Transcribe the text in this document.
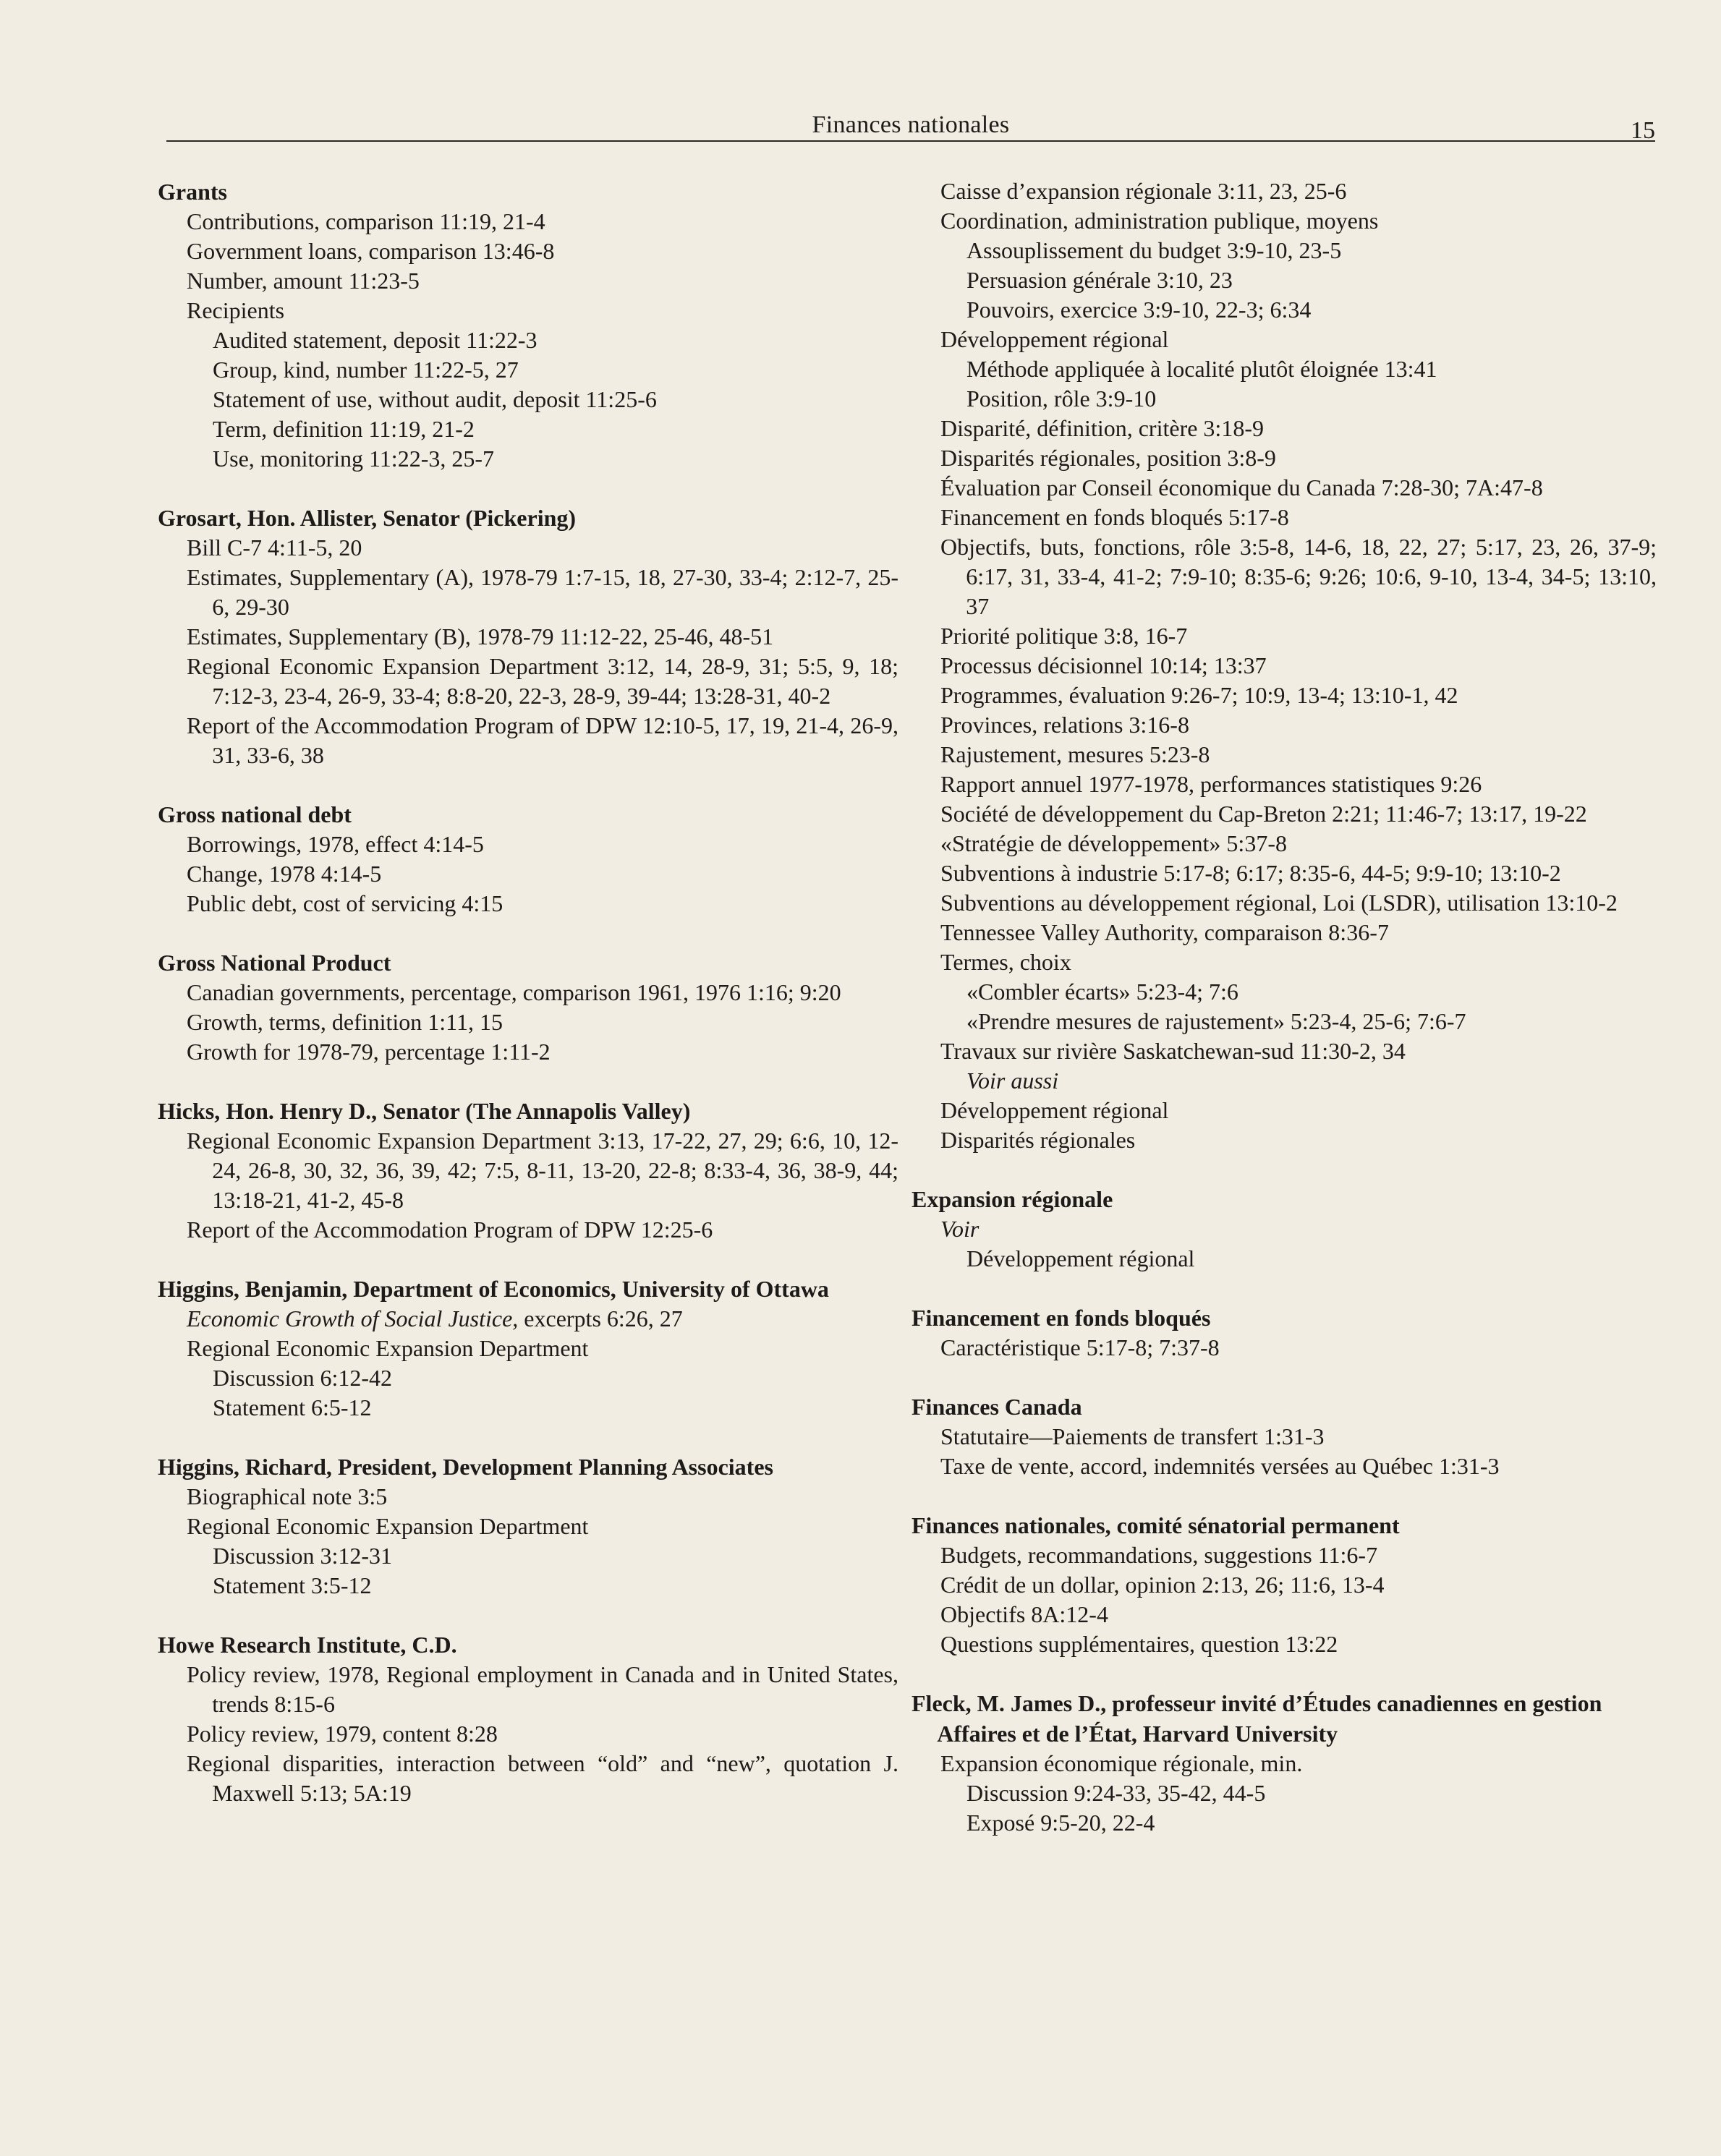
Finances nationales	15
Grants
Contributions, comparison 11:19, 21-4
Government loans, comparison 13:46-8
Number, amount 11:23-5
Recipients
Audited statement, deposit 11:22-3
Group, kind, number 11:22-5, 27
Statement of use, without audit, deposit 11:25-6
Term, definition 11:19, 21-2
Use, monitoring 11:22-3, 25-7
Grosart, Hon. Allister, Senator (Pickering)
Bill C-7 4:11-5, 20
Estimates, Supplementary (A), 1978-79 1:7-15, 18, 27-30, 33-4; 2:12-7, 25-6, 29-30
Estimates, Supplementary (B), 1978-79 11:12-22, 25-46, 48-51
Regional Economic Expansion Department 3:12, 14, 28-9, 31; 5:5, 9, 18; 7:12-3, 23-4, 26-9, 33-4; 8:8-20, 22-3, 28-9, 39-44; 13:28-31, 40-2
Report of the Accommodation Program of DPW 12:10-5, 17, 19, 21-4, 26-9, 31, 33-6, 38
Gross national debt
Borrowings, 1978, effect 4:14-5
Change, 1978 4:14-5
Public debt, cost of servicing 4:15
Gross National Product
Canadian governments, percentage, comparison 1961, 1976 1:16; 9:20
Growth, terms, definition 1:11, 15
Growth for 1978-79, percentage 1:11-2
Hicks, Hon. Henry D., Senator (The Annapolis Valley)
Regional Economic Expansion Department 3:13, 17-22, 27, 29; 6:6, 10, 12-24, 26-8, 30, 32, 36, 39, 42; 7:5, 8-11, 13-20, 22-8; 8:33-4, 36, 38-9, 44; 13:18-21, 41-2, 45-8
Report of the Accommodation Program of DPW 12:25-6
Higgins, Benjamin, Department of Economics, University of Ottawa
Economic Growth of Social Justice, excerpts 6:26, 27
Regional Economic Expansion Department
Discussion 6:12-42
Statement 6:5-12
Higgins, Richard, President, Development Planning Associates
Biographical note 3:5
Regional Economic Expansion Department
Discussion 3:12-31
Statement 3:5-12
Howe Research Institute, C.D.
Policy review, 1978, Regional employment in Canada and in United States, trends 8:15-6
Policy review, 1979, content 8:28
Regional disparities, interaction between “old” and “new”, quotation J. Maxwell 5:13; 5A:19
Caisse d’expansion régionale 3:11, 23, 25-6
Coordination, administration publique, moyens
Assouplissement du budget 3:9-10, 23-5
Persuasion générale 3:10, 23
Pouvoirs, exercice 3:9-10, 22-3; 6:34
Développement régional
Méthode appliquée à localité plutôt éloignée 13:41
Position, rôle 3:9-10
Disparité, définition, critère 3:18-9
Disparités régionales, position 3:8-9
Évaluation par Conseil économique du Canada 7:28-30; 7A:47-8
Financement en fonds bloqués 5:17-8
Objectifs, buts, fonctions, rôle 3:5-8, 14-6, 18, 22, 27; 5:17, 23, 26, 37-9; 6:17, 31, 33-4, 41-2; 7:9-10; 8:35-6; 9:26; 10:6, 9-10, 13-4, 34-5; 13:10, 37
Priorité politique 3:8, 16-7
Processus décisionnel 10:14; 13:37
Programmes, évaluation 9:26-7; 10:9, 13-4; 13:10-1, 42
Provinces, relations 3:16-8
Rajustement, mesures 5:23-8
Rapport annuel 1977-1978, performances statistiques 9:26
Société de développement du Cap-Breton 2:21; 11:46-7; 13:17, 19-22
«Stratégie de développement» 5:37-8
Subventions à industrie 5:17-8; 6:17; 8:35-6, 44-5; 9:9-10; 13:10-2
Subventions au développement régional, Loi (LSDR), utilisation 13:10-2
Tennessee Valley Authority, comparaison 8:36-7
Termes, choix
«Combler écarts» 5:23-4; 7:6
«Prendre mesures de rajustement» 5:23-4, 25-6; 7:6-7
Travaux sur rivière Saskatchewan-sud 11:30-2, 34
Voir aussi
Développement régional
Disparités régionales
Expansion régionale
Voir
Développement régional
Financement en fonds bloqués
Caractéristique 5:17-8; 7:37-8
Finances Canada
Statutaire—Paiements de transfert 1:31-3
Taxe de vente, accord, indemnités versées au Québec 1:31-3
Finances nationales, comité sénatorial permanent
Budgets, recommandations, suggestions 11:6-7
Crédit de un dollar, opinion 2:13, 26; 11:6, 13-4
Objectifs 8A:12-4
Questions supplémentaires, question 13:22
Fleck, M. James D., professeur invité d’Études canadiennes en gestion Affaires et de l’État, Harvard University
Expansion économique régionale, min.
Discussion 9:24-33, 35-42, 44-5
Exposé 9:5-20, 22-4
